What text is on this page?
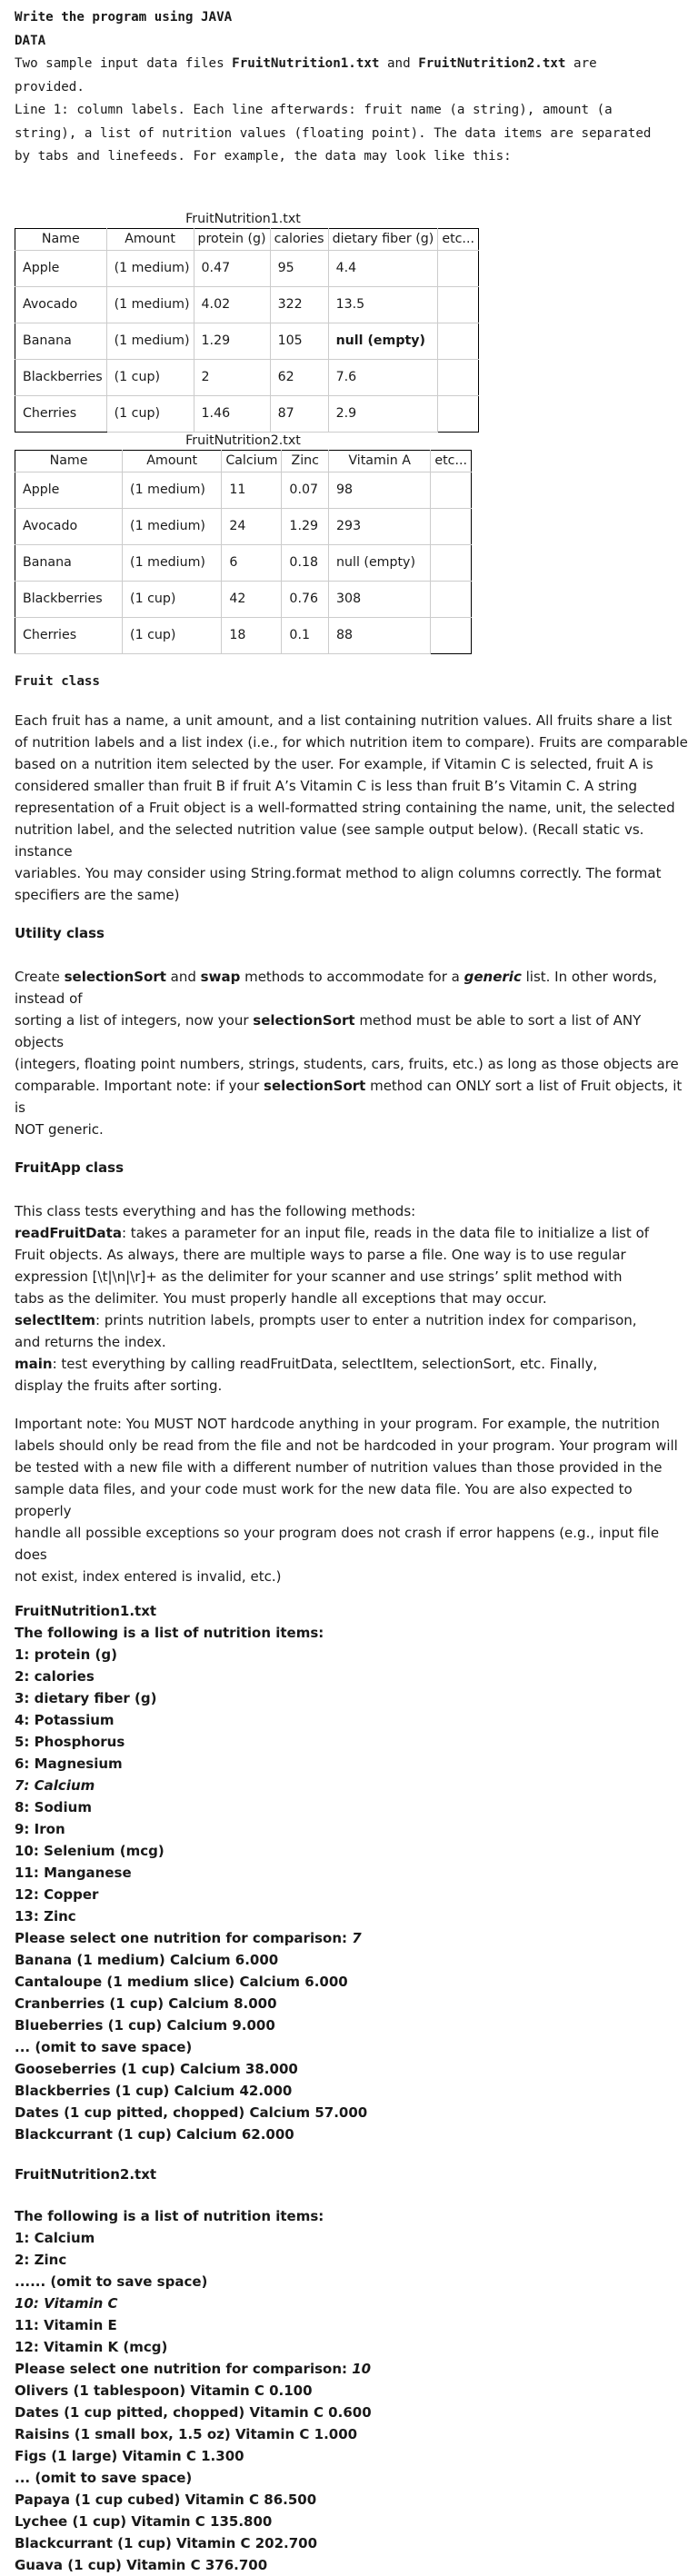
Write the program using JAVA

DATA

Two sample input data files FruitNutrition1.txt and FruitNutrition2.txt are

provided.

Line 1: column labels. Each line afterwards: fruit name (a string), amount (a

string), a list of nutrition values (floating point). The data items are separated

by tabs and linefeeds. For example, the data may look like this:

FruitNutrition1.txt
Name	Amount	protein (g)	calories	dietary fiber (g)	etc...
Apple	(1 medium)	0.47	95	4.4	
Avocado	(1 medium)	4.02	322	13.5	
Banana	(1 medium)	1.29	105	null (empty)	
Blackberries	(1 cup)	2	62	7.6	
Cherries	(1 cup)	1.46	87	2.9	
FruitNutrition2.txt
Name	Amount	Calcium	Zinc	Vitamin A	etc...
Apple	(1 medium)	11	0.07	98	
Avocado	(1 medium)	24	1.29	293	
Banana	(1 medium)	6	0.18	null (empty)	
Blackberries	(1 cup)	42	0.76	308	
Cherries	(1 cup)	18	0.1	88	

Fruit class

Each fruit has a name, a unit amount, and a list containing nutrition values. All fruits share a list

of nutrition labels and a list index (i.e., for which nutrition item to compare). Fruits are comparable

based on a nutrition item selected by the user. For example, if Vitamin C is selected, fruit A is

considered smaller than fruit B if fruit A’s Vitamin C is less than fruit B’s Vitamin C. A string

representation of a Fruit object is a well-formatted string containing the name, unit, the selected

nutrition label, and the selected nutrition value (see sample output below). (Recall static vs. instance

variables. You may consider using String.format method to align columns correctly. The format

specifiers are the same)

Utility class

Create selectionSort and swap methods to accommodate for a generic list. In other words, instead of

sorting a list of integers, now your selectionSort method must be able to sort a list of ANY objects

(integers, floating point numbers, strings, students, cars, fruits, etc.) as long as those objects are

comparable. Important note: if your selectionSort method can ONLY sort a list of Fruit objects, it is

NOT generic.

FruitApp class

This class tests everything and has the following methods:

readFruitData: takes a parameter for an input file, reads in the data file to initialize a list of

Fruit objects. As always, there are multiple ways to parse a file. One way is to use regular

expression [\t|\n|\r]+ as the delimiter for your scanner and use strings’ split method with

tabs as the delimiter. You must properly handle all exceptions that may occur.

selectItem: prints nutrition labels, prompts user to enter a nutrition index for comparison,

and returns the index.

main: test everything by calling readFruitData, selectItem, selectionSort, etc. Finally,

display the fruits after sorting.

Important note: You MUST NOT hardcode anything in your program. For example, the nutrition

labels should only be read from the file and not be hardcoded in your program. Your program will

be tested with a new file with a different number of nutrition values than those provided in the

sample data files, and your code must work for the new data file. You are also expected to properly

handle all possible exceptions so your program does not crash if error happens (e.g., input file does

not exist, index entered is invalid, etc.)

FruitNutrition1.txt

The following is a list of nutrition items:

1: protein (g)

2: calories

3: dietary fiber (g)

4: Potassium

5: Phosphorus

6: Magnesium

7: Calcium

8: Sodium

9: Iron

10: Selenium (mcg)

11: Manganese

12: Copper

13: Zinc

Please select one nutrition for comparison: 7

Banana (1 medium) Calcium 6.000

Cantaloupe (1 medium slice) Calcium 6.000

Cranberries (1 cup) Calcium 8.000

Blueberries (1 cup) Calcium 9.000

... (omit to save space)

Gooseberries (1 cup) Calcium 38.000

Blackberries (1 cup) Calcium 42.000

Dates (1 cup pitted, chopped) Calcium 57.000

Blackcurrant (1 cup) Calcium 62.000

FruitNutrition2.txt

The following is a list of nutrition items:

1: Calcium

2: Zinc

...... (omit to save space)

10: Vitamin C

11: Vitamin E

12: Vitamin K (mcg)

Please select one nutrition for comparison: 10

Olivers (1 tablespoon) Vitamin C 0.100

Dates (1 cup pitted, chopped) Vitamin C 0.600

Raisins (1 small box, 1.5 oz) Vitamin C 1.000

Figs (1 large) Vitamin C 1.300

... (omit to save space)

Papaya (1 cup cubed) Vitamin C 86.500

Lychee (1 cup) Vitamin C 135.800

Blackcurrant (1 cup) Vitamin C 202.700

Guava (1 cup) Vitamin C 376.700
